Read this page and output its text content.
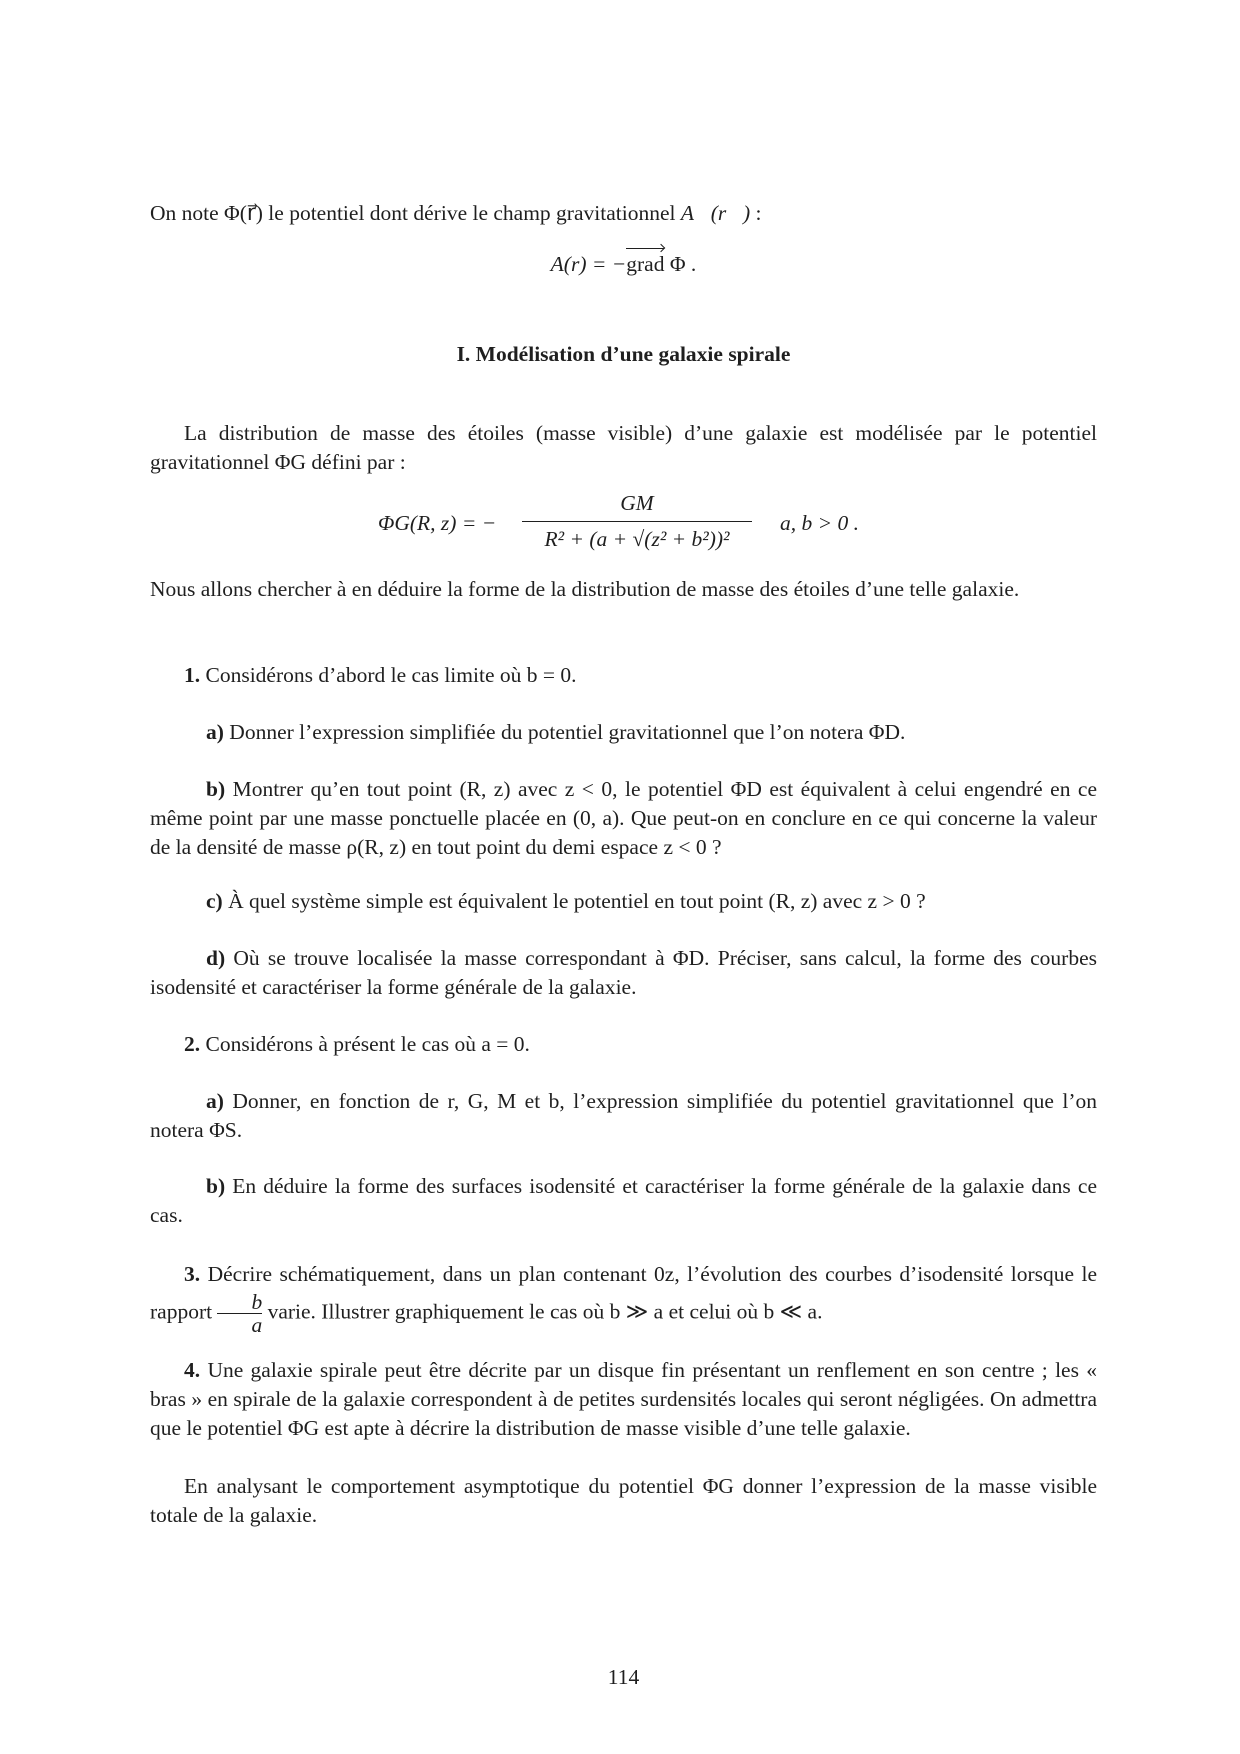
On note Φ(r⃗) le potentiel dont dérive le champ gravitationnel A⃗(r⃗) :

A(r) = −grad Φ .

I. Modélisation d’une galaxie spirale

La distribution de masse des étoiles (masse visible) d’une galaxie est modélisée par le potentiel gravitationnel ΦG défini par :

ΦG(R, z) = − $\frac{GM}{\text{R² + (a + √(z² + b²))²}} a$, b > 0 .

Nous allons chercher à en déduire la forme de la distribution de masse des étoiles d’une telle galaxie.

1. Considérons d’abord le cas limite où b = 0.

a) Donner l’expression simplifiée du potentiel gravitationnel que l’on notera ΦD.

b) Montrer qu’en tout point (R, z) avec z < 0, le potentiel ΦD est équivalent à celui engendré en ce même point par une masse ponctuelle placée en (0, a). Que peut-on en conclure en ce qui concerne la valeur de la densité de masse ρ(R, z) en tout point du demi espace z < 0 ?

c) À quel système simple est équivalent le potentiel en tout point (R, z) avec z > 0 ?

d) Où se trouve localisée la masse correspondant à ΦD. Préciser, sans calcul, la forme des courbes isodensité et caractériser la forme générale de la galaxie.

2. Considérons à présent le cas où a = 0.

a) Donner, en fonction de r, G, M et b, l’expression simplifiée du potentiel gravitationnel que l’on notera ΦS.

b) En déduire la forme des surfaces isodensité et caractériser la forme générale de la galaxie dans ce cas.

3. Décrire schématiquement, dans un plan contenant 0z, l’évolution des courbes d’isodensité lorsque le rapport $\frac{b}{a}$ varie. Illustrer graphiquement le cas où b ≫ a et celui où b ≪ a.

4. Une galaxie spirale peut être décrite par un disque fin présentant un renflement en son centre ; les « bras » en spirale de la galaxie correspondent à de petites surdensités locales qui seront négligées. On admettra que le potentiel ΦG est apte à décrire la distribution de masse visible d’une telle galaxie.

En analysant le comportement asymptotique du potentiel ΦG donner l’expression de la masse visible totale de la galaxie.

114
